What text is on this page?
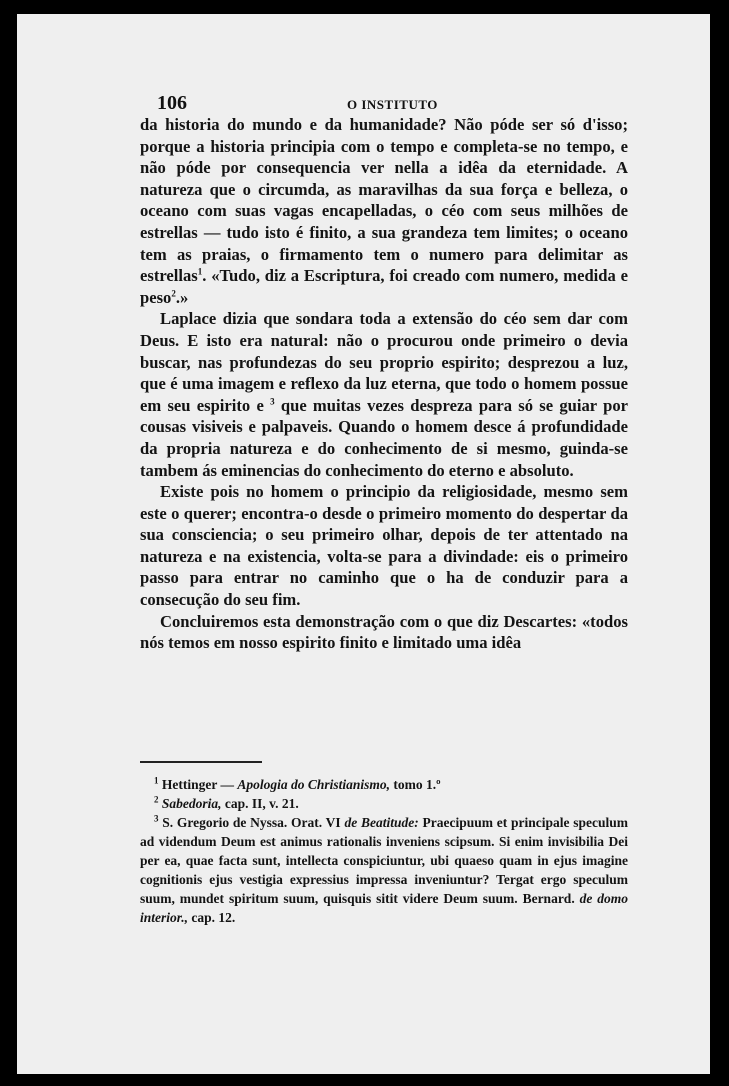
106	O INSTITUTO

da historia do mundo e da humanidade? Não póde ser só d'isso; porque a historia principia com o tempo e completa-se no tempo, e não póde por consequencia ver nella a idêa da eternidade. A natureza que o circumda, as maravilhas da sua força e belleza, o oceano com suas vagas encapelladas, o céo com seus milhões de estrellas — tudo isto é finito, a sua grandeza tem limites; o oceano tem as praias, o firmamento tem o numero para delimitar as estrellas$^1$. «Tudo, diz a Escriptura, foi creado com numero, medida e peso$^2$.»

Laplace dizia que sondara toda a extensão do céo sem dar com Deus. E isto era natural: não o procurou onde primeiro o devia buscar, nas profundezas do seu proprio espirito; desprezou a luz, que é uma imagem e reflexo da luz eterna, que todo o homem possue em seu espirito e $^3$ que muitas vezes despreza para só se guiar por cousas visiveis e palpaveis. Quando o homem desce á profundidade da propria natureza e do conhecimento de si mesmo, guinda-se tambem ás eminencias do conhecimento do eterno e absoluto.

Existe pois no homem o principio da religiosidade, mesmo sem este o querer; encontra-o desde o primeiro momento do despertar da sua consciencia; o seu primeiro olhar, depois de ter attentado na natureza e na existencia, volta-se para a divindade: eis o primeiro passo para entrar no caminho que o ha de conduzir para a consecução do seu fim.

Concluiremos esta demonstração com o que diz Descartes: «todos nós temos em nosso espirito finito e limitado uma idêa

$^1$ Hettinger — Apologia do Christianismo, tomo 1.º

$^2$ Sabedoria, cap. II, v. 21.

$^3$ S. Gregorio de Nyssa. Orat. VI de Beatitude: Praecipuum et principale speculum ad videndum Deum est animus rationalis inveniens scipsum. Si enim invisibilia Dei per ea, quae facta sunt, intellecta conspiciuntur, ubi quaeso quam in ejus imagine cognitionis ejus vestigia expressius impressa inveniuntur? Tergat ergo speculum suum, mundet spiritum suum, quisquis sitit videre Deum suum. Bernard. de domo interior., cap. 12.
